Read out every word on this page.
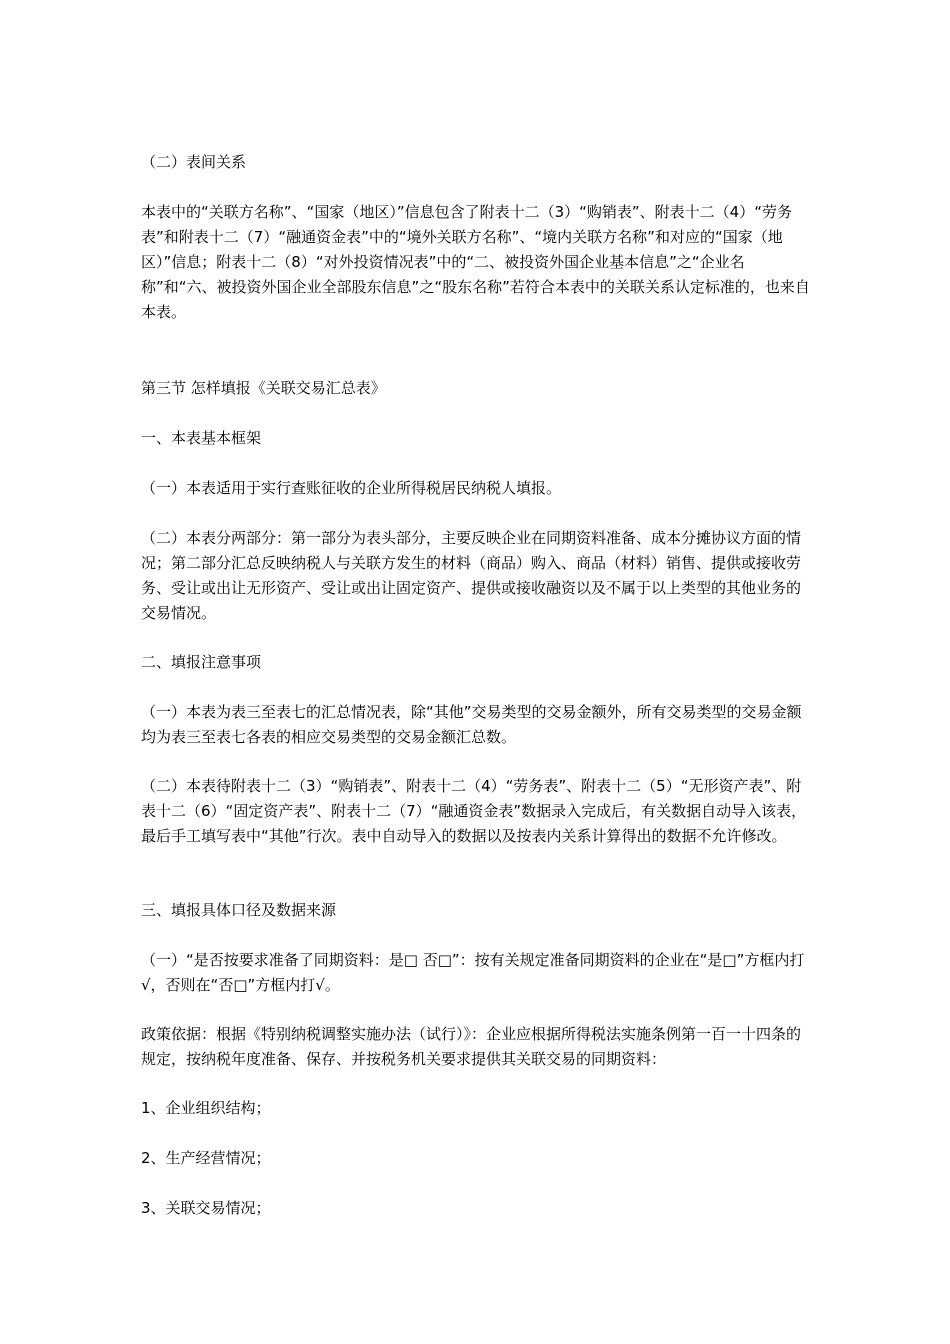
（二）表间关系

本表中的“关联方名称”、“国家（地区）”信息包含了附表十二（3）“购销表”、附表十二（4）“劳务表”和附表十二（7）“融通资金表”中的“境外关联方名称”、“境内关联方名称”和对应的“国家（地区）”信息；附表十二（8）“对外投资情况表”中的“二、被投资外国企业基本信息”之“企业名称”和“六、被投资外国企业全部股东信息”之“股东名称”若符合本表中的关联关系认定标准的，也来自本表。

第三节 怎样填报《关联交易汇总表》

一、本表基本框架

（一）本表适用于实行查账征收的企业所得税居民纳税人填报。

（二）本表分两部分：第一部分为表头部分，主要反映企业在同期资料准备、成本分摊协议方面的情况；第二部分汇总反映纳税人与关联方发生的材料（商品）购入、商品（材料）销售、提供或接收劳务、受让或出让无形资产、受让或出让固定资产、提供或接收融资以及不属于以上类型的其他业务的交易情况。

二、填报注意事项

（一）本表为表三至表七的汇总情况表，除“其他”交易类型的交易金额外，所有交易类型的交易金额均为表三至表七各表的相应交易类型的交易金额汇总数。

（二）本表待附表十二（3）“购销表”、附表十二（4）“劳务表”、附表十二（5）“无形资产表”、附表十二（6）“固定资产表”、附表十二（7）“融通资金表”数据录入完成后，有关数据自动导入该表，最后手工填写表中“其他”行次。表中自动导入的数据以及按表内关系计算得出的数据不允许修改。

三、填报具体口径及数据来源

（一）“是否按要求准备了同期资料：是□ 否□”：按有关规定准备同期资料的企业在“是□”方框内打√，否则在“否□”方框内打√。

政策依据：根据《特别纳税调整实施办法（试行）》：企业应根据所得税法实施条例第一百一十四条的规定，按纳税年度准备、保存、并按税务机关要求提供其关联交易的同期资料：

1、企业组织结构；

2、生产经营情况；

3、关联交易情况；
